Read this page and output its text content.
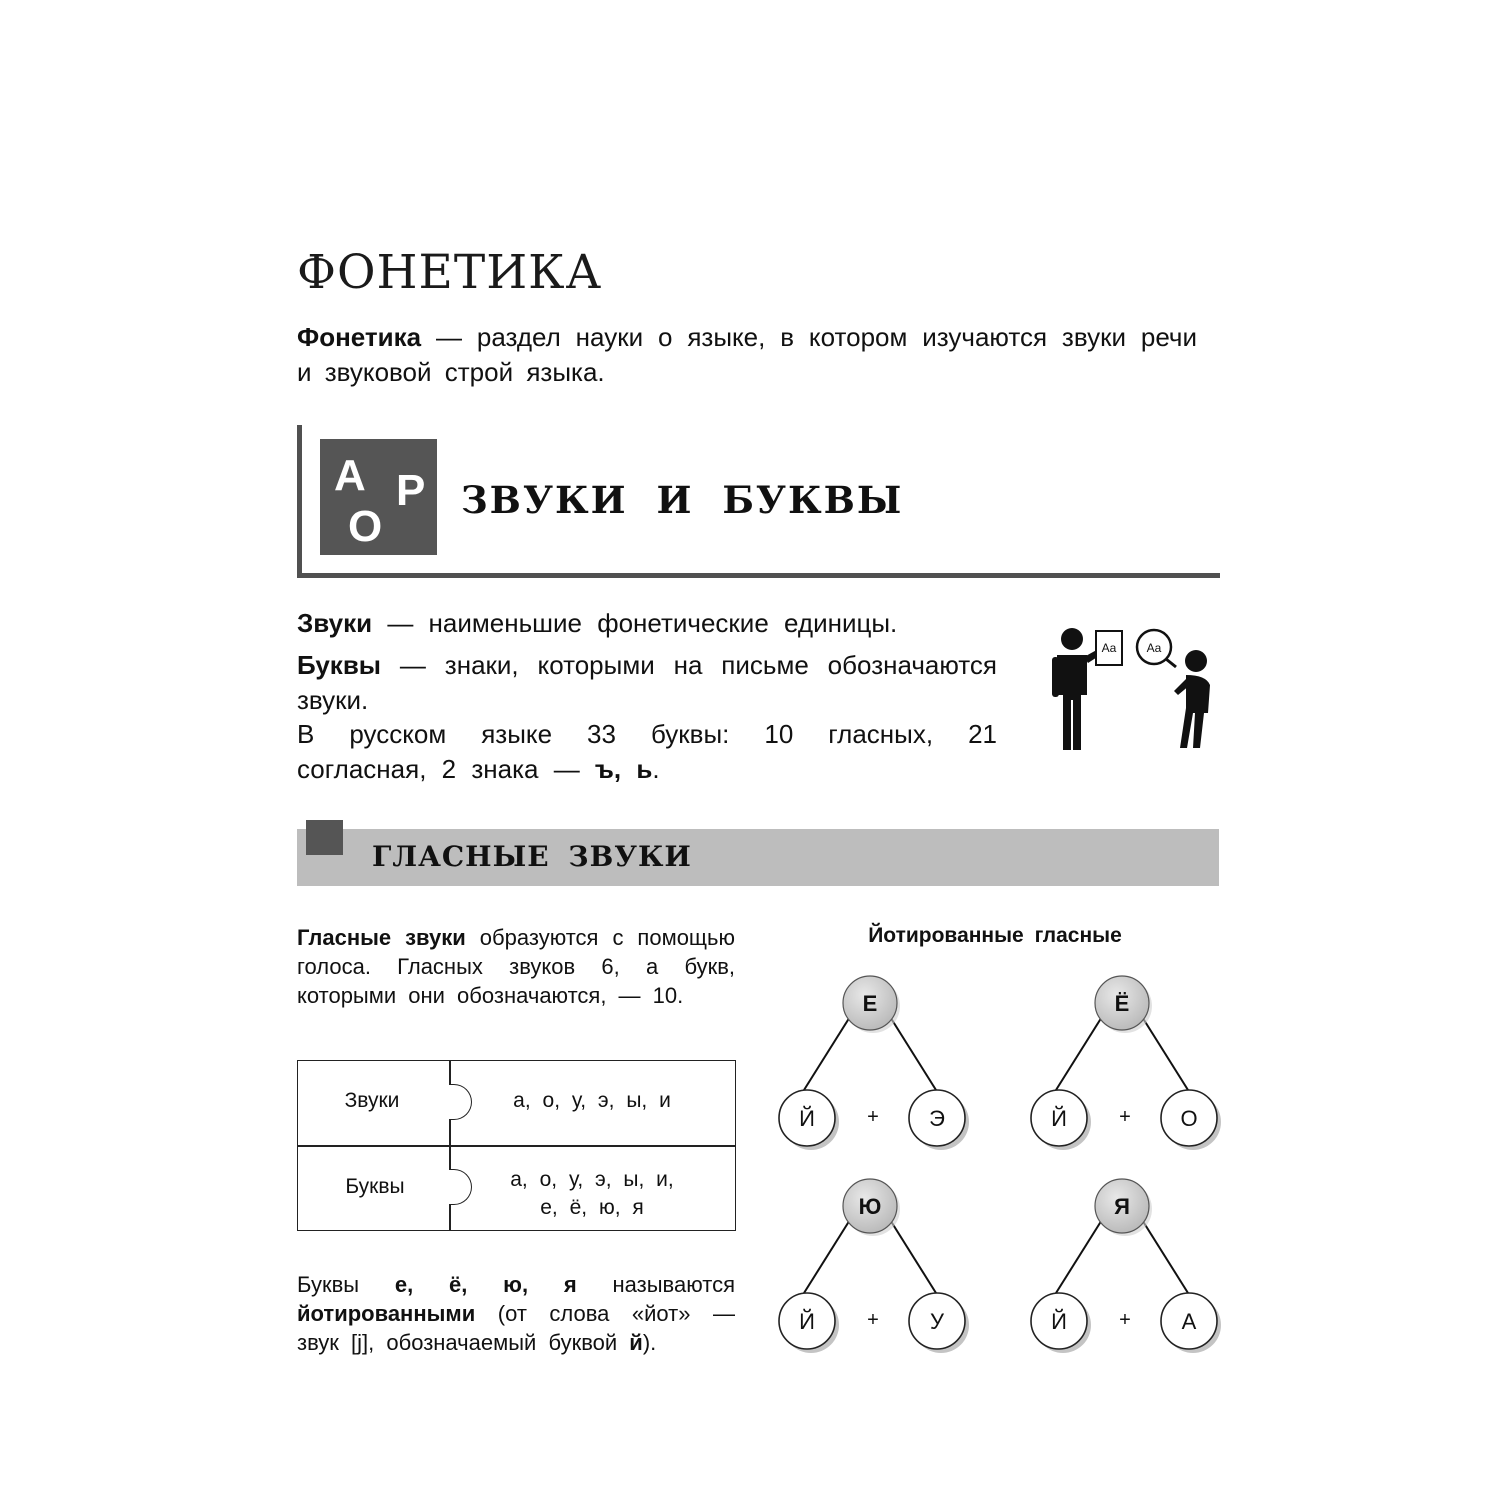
ФОНЕТИКА
Фонетика — раздел науки о языке, в котором изучаются звуки речи и звуковой строй языка.
А
О
Р ЗВУКИ И БУКВЫ
Звуки — наименьшие фонетические единицы.
Буквы — знаки, которыми на письме обозначаются звуки.
В русском языке 33 буквы: 10 гласных, 21 согласная, 2 знака — ъ, ь.
Aa	Aa
ГЛАСНЫЕ ЗВУКИ
Гласные звуки образуются с помощью голоса. Гласных звуков 6, а букв, которыми они обозначаются, — 10.
Звуки	а, о, у, э, ы, и
Буквы	а, о, у, э, ы, и,
е, ё, ю, я
Буквы е, ё, ю, я называются йотированными (от слова «йот» — звук [j], обозначаемый буквой й).
Йотированные гласные
Е
Й	Э
+
Ё
Й	О
+
Ю
Й	У
+
Я
Й	А
+
